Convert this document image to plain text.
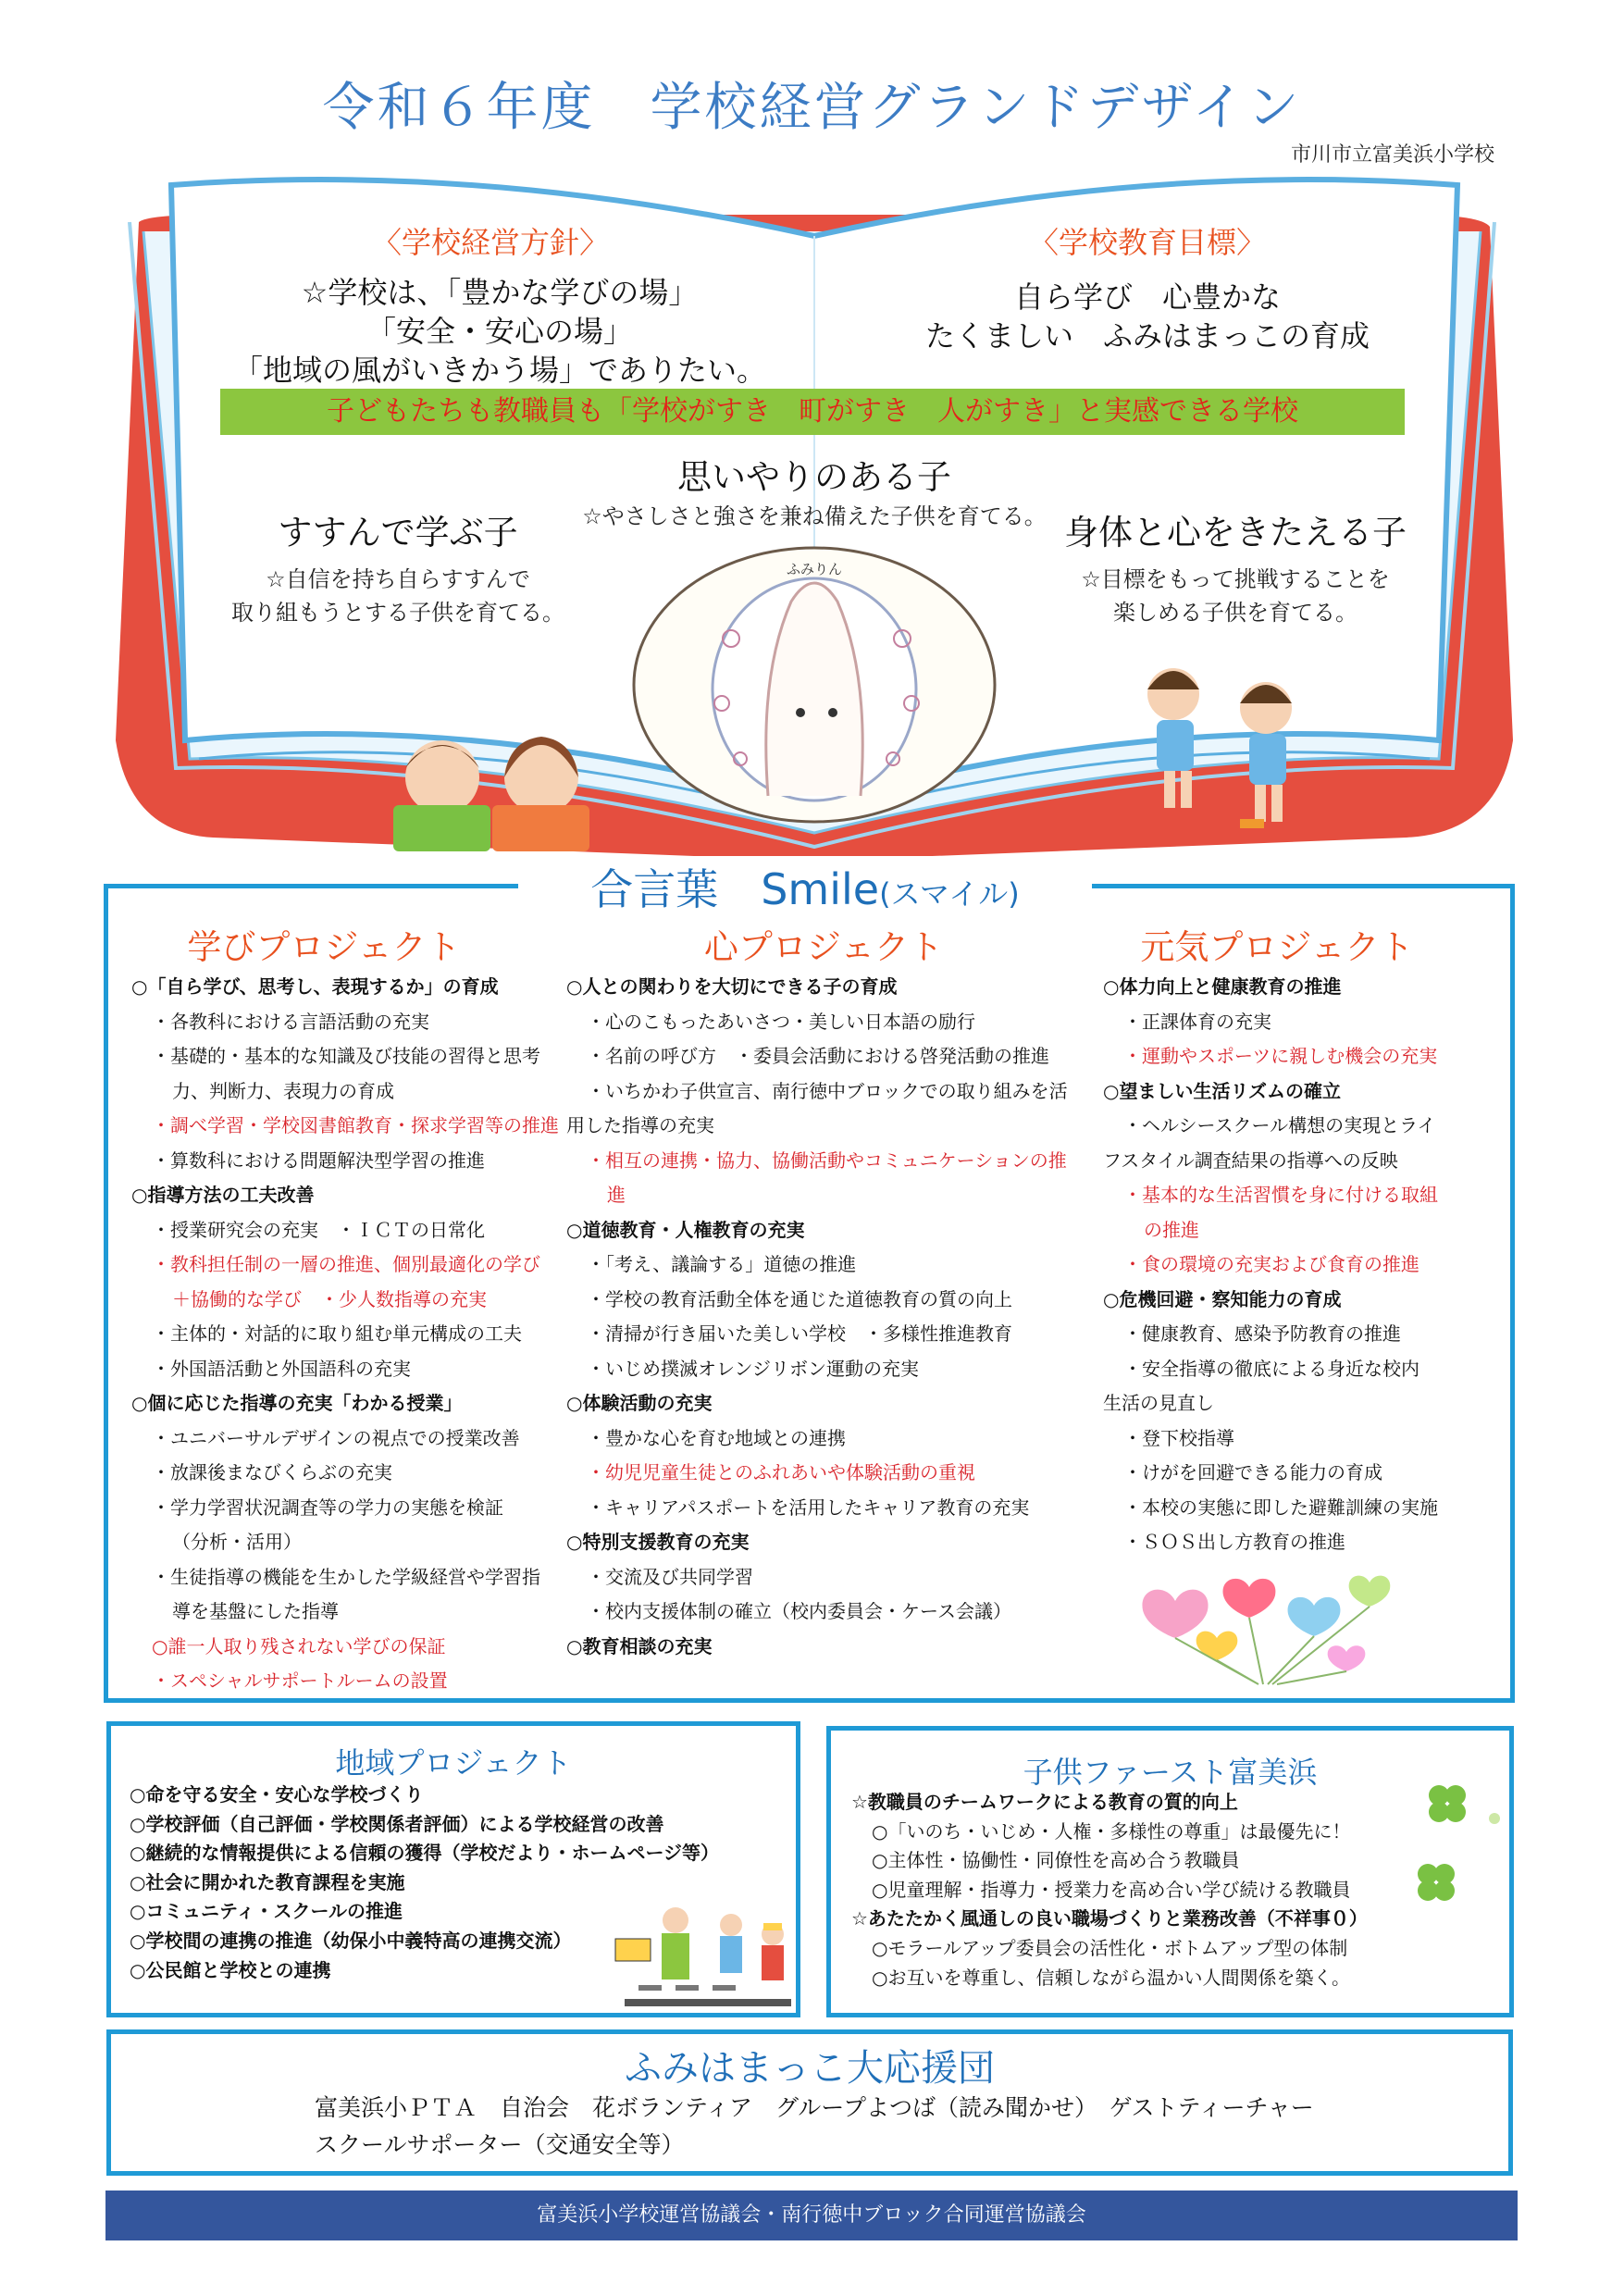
令和６年度　学校経営グランドデザイン
市川市立富美浜小学校
〈学校経営方針〉
☆学校は、「豊かな学びの場」
「安全・安心の場」
「地域の風がいきかう場」でありたい。
〈学校教育目標〉
自ら学び　心豊かな
たくましい　ふみはまっこの育成
子どもたちも教職員も「学校がすき　町がすき　人がすき」と実感できる学校
思いやりのある子
☆やさしさと強さを兼ね備えた子供を育てる。
すすんで学ぶ子
☆自信を持ち自らすすんで
取り組もうとする子供を育てる。
身体と心をきたえる子
☆目標をもって挑戦することを
楽しめる子供を育てる。
ふみりん
合言葉　Smile(スマイル)
学びプロジェクト	心プロジェクト	元気プロジェクト
○「自ら学び、思考し、表現するか」の育成
・各教科における言語活動の充実
・基礎的・基本的な知識及び技能の習得と思考
力、判断力、表現力の育成
・調べ学習・学校図書館教育・探求学習等の推進
・算数科における問題解決型学習の推進
○指導方法の工夫改善
・授業研究会の充実　・ＩＣＴの日常化
・教科担任制の一層の推進、個別最適化の学び
＋協働的な学び　・少人数指導の充実
・主体的・対話的に取り組む単元構成の工夫
・外国語活動と外国語科の充実
○個に応じた指導の充実「わかる授業」
・ユニバーサルデザインの視点での授業改善
・放課後まなびくらぶの充実
・学力学習状況調査等の学力の実態を検証
（分析・活用）
・生徒指導の機能を生かした学級経営や学習指
導を基盤にした指導
○誰一人取り残されない学びの保証
・スペシャルサポートルームの設置
○人との関わりを大切にできる子の育成
・心のこもったあいさつ・美しい日本語の励行
・名前の呼び方　・委員会活動における啓発活動の推進
・いちかわ子供宣言、南行徳中ブロックでの取り組みを活
用した指導の充実
・相互の連携・協力、協働活動やコミュニケーションの推
進
○道徳教育・人権教育の充実
・「考え、議論する」道徳の推進
・学校の教育活動全体を通じた道徳教育の質の向上
・清掃が行き届いた美しい学校　・多様性推進教育
・いじめ撲滅オレンジリボン運動の充実
○体験活動の充実
・豊かな心を育む地域との連携
・幼児児童生徒とのふれあいや体験活動の重視
・キャリアパスポートを活用したキャリア教育の充実
○特別支援教育の充実
・交流及び共同学習
・校内支援体制の確立（校内委員会・ケース会議）
○教育相談の充実
○体力向上と健康教育の推進
・正課体育の充実
・運動やスポーツに親しむ機会の充実
○望ましい生活リズムの確立
・ヘルシースクール構想の実現とライ
フスタイル調査結果の指導への反映
・基本的な生活習慣を身に付ける取組
の推進
・食の環境の充実および食育の推進
○危機回避・察知能力の育成
・健康教育、感染予防教育の推進
・安全指導の徹底による身近な校内
生活の見直し
・登下校指導
・けがを回避できる能力の育成
・本校の実態に即した避難訓練の実施
・ＳＯＳ出し方教育の推進
地域プロジェクト
○命を守る安全・安心な学校づくり
○学校評価（自己評価・学校関係者評価）による学校経営の改善
○継続的な情報提供による信頼の獲得（学校だより・ホームページ等）
○社会に開かれた教育課程を実施
○コミュニティ・スクールの推進
○学校間の連携の推進（幼保小中義特高の連携交流）
○公民館と学校との連携
子供ファースト富美浜
☆教職員のチームワークによる教育の質的向上
○「いのち・いじめ・人権・多様性の尊重」は最優先に！
○主体性・協働性・同僚性を高め合う教職員
○児童理解・指導力・授業力を高め合い学び続ける教職員
☆あたたかく風通しの良い職場づくりと業務改善（不祥事０）
○モラールアップ委員会の活性化・ボトムアップ型の体制
○お互いを尊重し、信頼しながら温かい人間関係を築く。
ふみはまっこ大応援団
富美浜小ＰＴＡ　自治会　花ボランティア　グループよつば（読み聞かせ）　ゲストティーチャー
スクールサポーター（交通安全等）
富美浜小学校運営協議会・南行徳中ブロック合同運営協議会
